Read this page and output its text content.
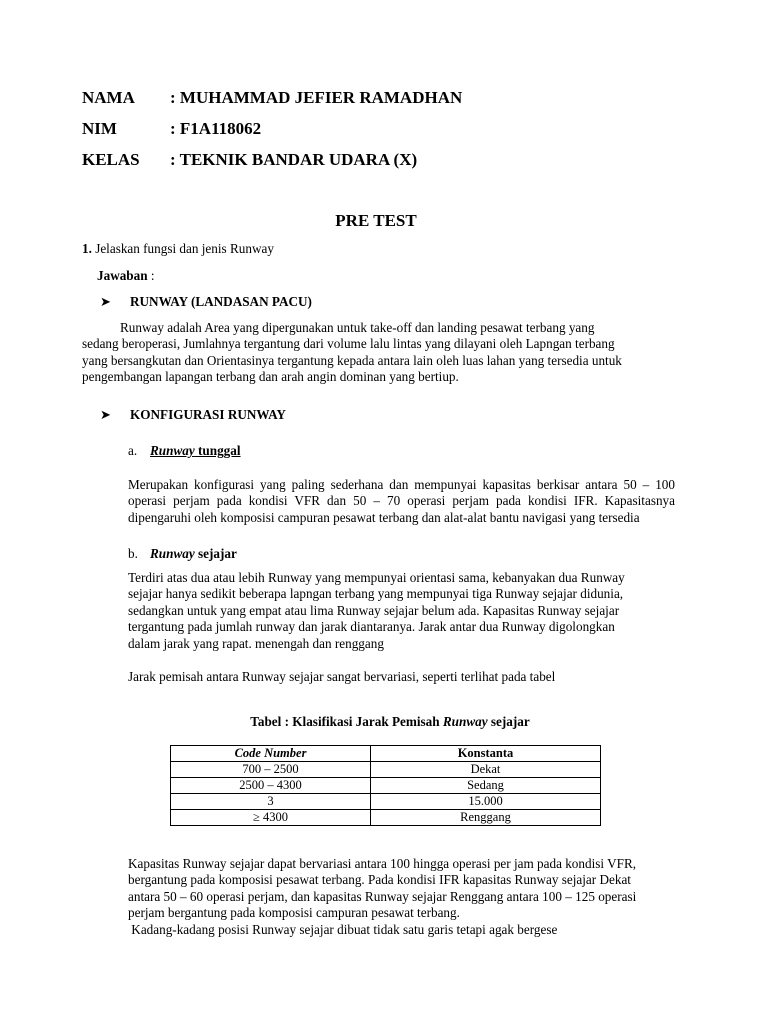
NAMA : MUHAMMAD JEFIER RAMADHAN
NIM	: F1A118062
KELAS : TEKNIK BANDAR UDARA (X)
PRE TEST
1. Jelaskan fungsi dan jenis Runway
Jawaban :
➤ RUNWAY (LANDASAN PACU)
Runway adalah Area yang dipergunakan untuk take-off dan landing pesawat terbang yang
sedang beroperasi, Jumlahnya tergantung dari volume lalu lintas yang dilayani oleh Lapngan terbang
yang bersangkutan dan Orientasinya tergantung kepada antara lain oleh luas lahan yang tersedia untuk
pengembangan lapangan terbang dan arah angin dominan yang bertiup.
➤ KONFIGURASI RUNWAY
a. Runway tunggal
Merupakan konfigurasi yang paling sederhana dan mempunyai kapasitas berkisar antara 50 – 100
operasi perjam pada kondisi VFR dan 50 – 70 operasi perjam pada kondisi IFR. Kapasitasnya
dipengaruhi oleh komposisi campuran pesawat terbang dan alat-alat bantu navigasi yang tersedia
b. Runway sejajar
Terdiri atas dua atau lebih Runway yang mempunyai orientasi sama, kebanyakan dua Runway
sejajar hanya sedikit beberapa lapngan terbang yang mempunyai tiga Runway sejajar didunia,
sedangkan untuk yang empat atau lima Runway sejajar belum ada. Kapasitas Runway sejajar
tergantung pada jumlah runway dan jarak diantaranya. Jarak antar dua Runway digolongkan
dalam jarak yang rapat. menengah dan renggang
Jarak pemisah antara Runway sejajar sangat bervariasi, seperti terlihat pada tabel
Tabel : Klasifikasi Jarak Pemisah Runway sejajar
Code Number	Konstanta
700 – 2500	Dekat
2500 – 4300	Sedang
3	15.000
≥ 4300	Renggang
Kapasitas Runway sejajar dapat bervariasi antara 100 hingga operasi per jam pada kondisi VFR,
bergantung pada komposisi pesawat terbang. Pada kondisi IFR kapasitas Runway sejajar Dekat
antara 50 – 60 operasi perjam, dan kapasitas Runway sejajar Renggang antara 100 – 125 operasi
perjam bergantung pada komposisi campuran pesawat terbang.
Kadang-kadang posisi Runway sejajar dibuat tidak satu garis tetapi agak bergese
